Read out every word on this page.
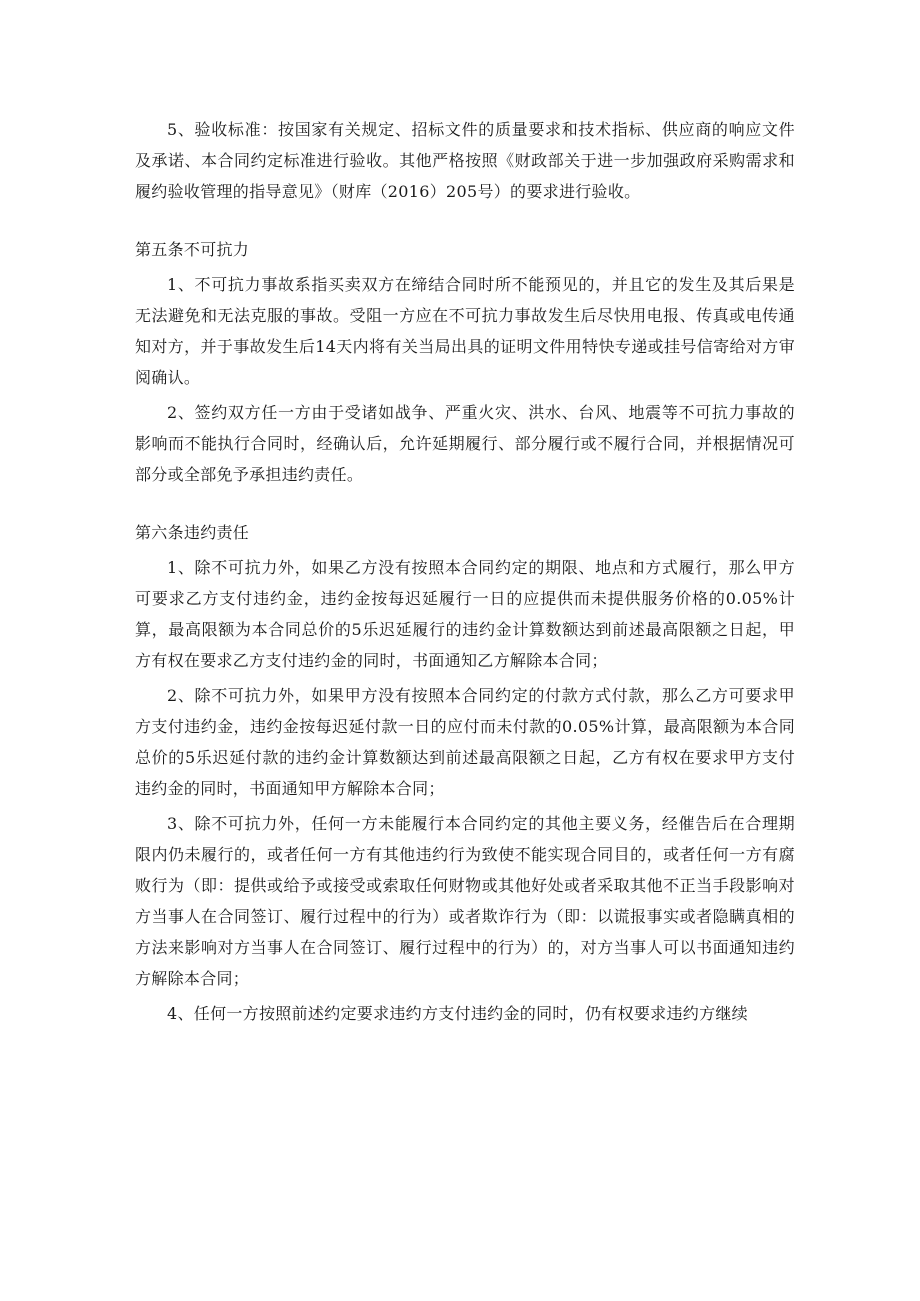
5、验收标准：按国家有关规定、招标文件的质量要求和技术指标、供应商的响应文件及承诺、本合同约定标准进行验收。其他严格按照《财政部关于进一步加强政府采购需求和履约验收管理的指导意见》（财库（2016）205号）的要求进行验收。

第五条不可抗力

1、不可抗力事故系指买卖双方在缔结合同时所不能预见的，并且它的发生及其后果是无法避免和无法克服的事故。受阻一方应在不可抗力事故发生后尽快用电报、传真或电传通知对方，并于事故发生后14天内将有关当局出具的证明文件用特快专递或挂号信寄给对方审阅确认。

2、签约双方任一方由于受诸如战争、严重火灾、洪水、台风、地震等不可抗力事故的影响而不能执行合同时，经确认后，允许延期履行、部分履行或不履行合同，并根据情况可部分或全部免予承担违约责任。

第六条违约责任

1、除不可抗力外，如果乙方没有按照本合同约定的期限、地点和方式履行，那么甲方可要求乙方支付违约金，违约金按每迟延履行一日的应提供而未提供服务价格的0.05%计算，最高限额为本合同总价的5乐迟延履行的违约金计算数额达到前述最高限额之日起，甲方有权在要求乙方支付违约金的同时，书面通知乙方解除本合同；

2、除不可抗力外，如果甲方没有按照本合同约定的付款方式付款，那么乙方可要求甲方支付违约金，违约金按每迟延付款一日的应付而未付款的0.05%计算，最高限额为本合同总价的5乐迟延付款的违约金计算数额达到前述最高限额之日起，乙方有权在要求甲方支付违约金的同时，书面通知甲方解除本合同；

3、除不可抗力外，任何一方未能履行本合同约定的其他主要义务，经催告后在合理期限内仍未履行的，或者任何一方有其他违约行为致使不能实现合同目的，或者任何一方有腐败行为（即：提供或给予或接受或索取任何财物或其他好处或者采取其他不正当手段影响对方当事人在合同签订、履行过程中的行为）或者欺诈行为（即：以谎报事实或者隐瞒真相的方法来影响对方当事人在合同签订、履行过程中的行为）的，对方当事人可以书面通知违约方解除本合同；

4、任何一方按照前述约定要求违约方支付违约金的同时，仍有权要求违约方继续
